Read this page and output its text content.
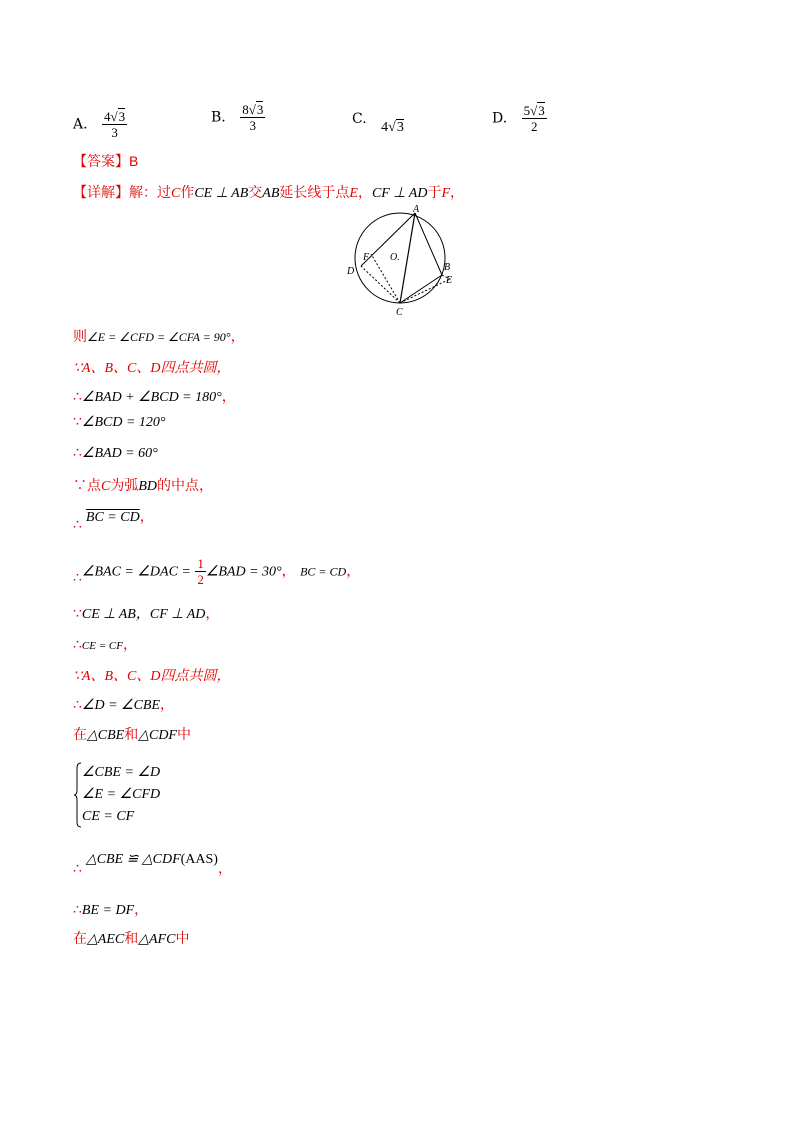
A. $\frac{4√3}{3}$	B. $\frac{8√3}{3}$	C. 4√3
D. $\frac{5√3}{2}$
【答案】B
【详解】解：过C作CE ⊥ AB交AB延长线于点E，CF ⊥ AD于F，
A
B
C
D
E
F O.
则∠E = ∠CFD = ∠CFA = 90°，
∵A、B、C、D四点共圆，
∴∠BAD + ∠BCD = 180°，
∵∠BCD = 120°
∴∠BAD = 60°
∵点C为弧BD的中点，
∴ BC = CD，
∴∠BAC = ∠DAC = $\frac{1}{2}$ ∠BAD = 30°， BC = CD，
∵CE ⊥ AB，CF ⊥ AD，
∴CE = CF，
∵A、B、C、D四点共圆，
∴∠D = ∠CBE，
在△CBE和△CDF中
∠CBE = ∠D
∠E = ∠CFD
CE = CF
∴△CBE ≌ △CDF(AAS)，
∴BE = DF，
在△AEC和△AFC中
